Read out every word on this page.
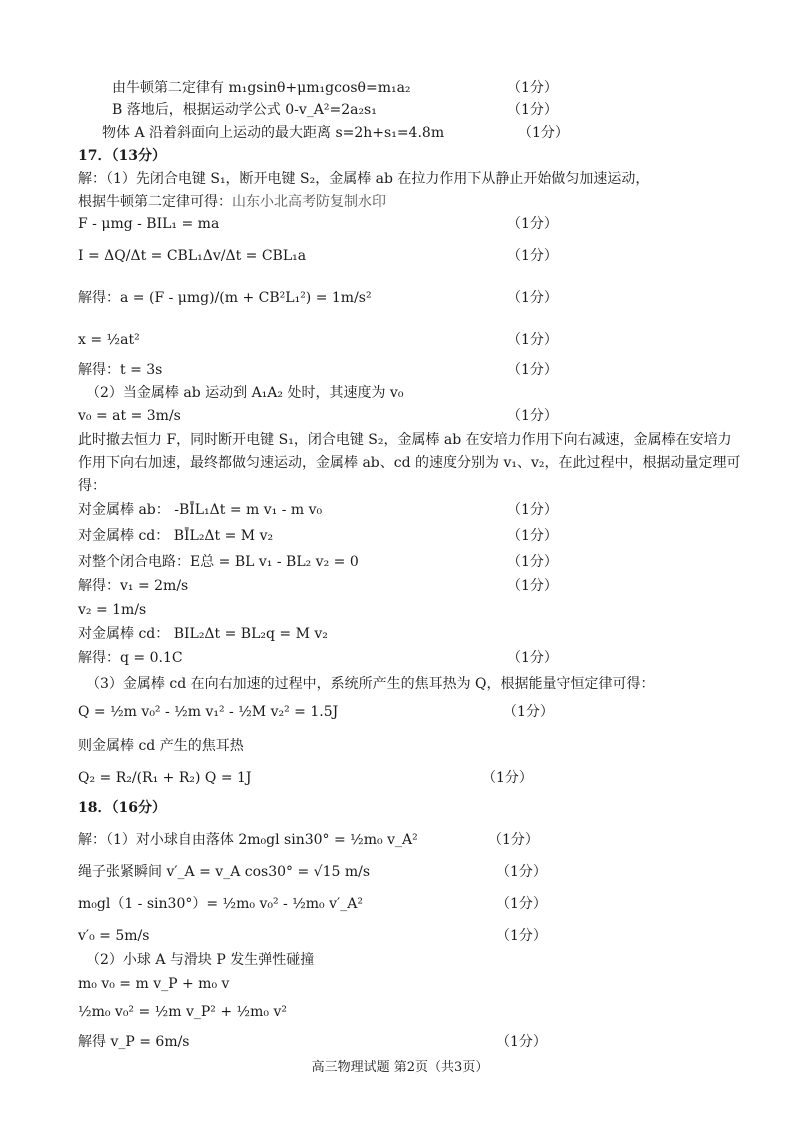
由牛顿第二定律有 m₁gsinθ+μm₁gcosθ=m₁a₂	（1分）
B 落地后，根据运动学公式 0-v_A²=2a₂s₁	（1分）
物体 A 沿着斜面向上运动的最大距离 s=2h+s₁=4.8m	（1分）
17．（13分）
解：（1）先闭合电键 S₁，断开电键 S₂，金属棒 ab 在拉力作用下从静止开始做匀加速运动，
根据牛顿第二定律可得：山东小北高考防复制水印
F - μmg - BIL₁ = ma	（1分）
I = ΔQ/Δt = CBL₁Δv/Δt = CBL₁a	（1分）
解得：a = (F - μmg)/(m + CB²L₁²) = 1m/s²	（1分）
x = ½at²	（1分）
解得：t = 3s	（1分）
（2）当金属棒 ab 运动到 A₁A₂ 处时，其速度为 v₀
v₀ = at = 3m/s	（1分）
此时撤去恒力 F，同时断开电键 S₁，闭合电键 S₂，金属棒 ab 在安培力作用下向右减速，金属棒在安培力
作用下向右加速，最终都做匀速运动，金属棒 ab、cd 的速度分别为 v₁、v₂，在此过程中，根据动量定理可
得：
对金属棒 ab： -BĪL₁Δt = m v₁ - m v₀	（1分）
对金属棒 cd： BĪL₂Δt = M v₂	（1分）
对整个闭合电路：E总 = BL v₁ - BL₂ v₂ = 0	（1分）
解得：v₁ = 2m/s	（1分）
v₂ = 1m/s
对金属棒 cd： BIL₂Δt = BL₂q = M v₂
解得：q = 0.1C	（1分）
（3）金属棒 cd 在向右加速的过程中，系统所产生的焦耳热为 Q，根据能量守恒定律可得：
Q = ½m v₀² - ½m v₁² - ½M v₂² = 1.5J	（1分）
则金属棒 cd 产生的焦耳热
Q₂ = R₂/(R₁ + R₂) Q = 1J	（1分）
18．（16分）
解：（1）对小球自由落体 2m₀gl sin30° = ½m₀ v_A²	（1分）
绳子张紧瞬间 v′_A = v_A cos30° = √15 m/s	（1分）
m₀gl（1 - sin30°）= ½m₀ v₀² - ½m₀ v′_A²	（1分）
v′₀ = 5m/s	（1分）
（2）小球 A 与滑块 P 发生弹性碰撞
m₀ v₀ = m v_P + m₀ v
½m₀ v₀² = ½m v_P² + ½m₀ v²
解得 v_P = 6m/s	（1分）
高三物理试题 第2页（共3页）
